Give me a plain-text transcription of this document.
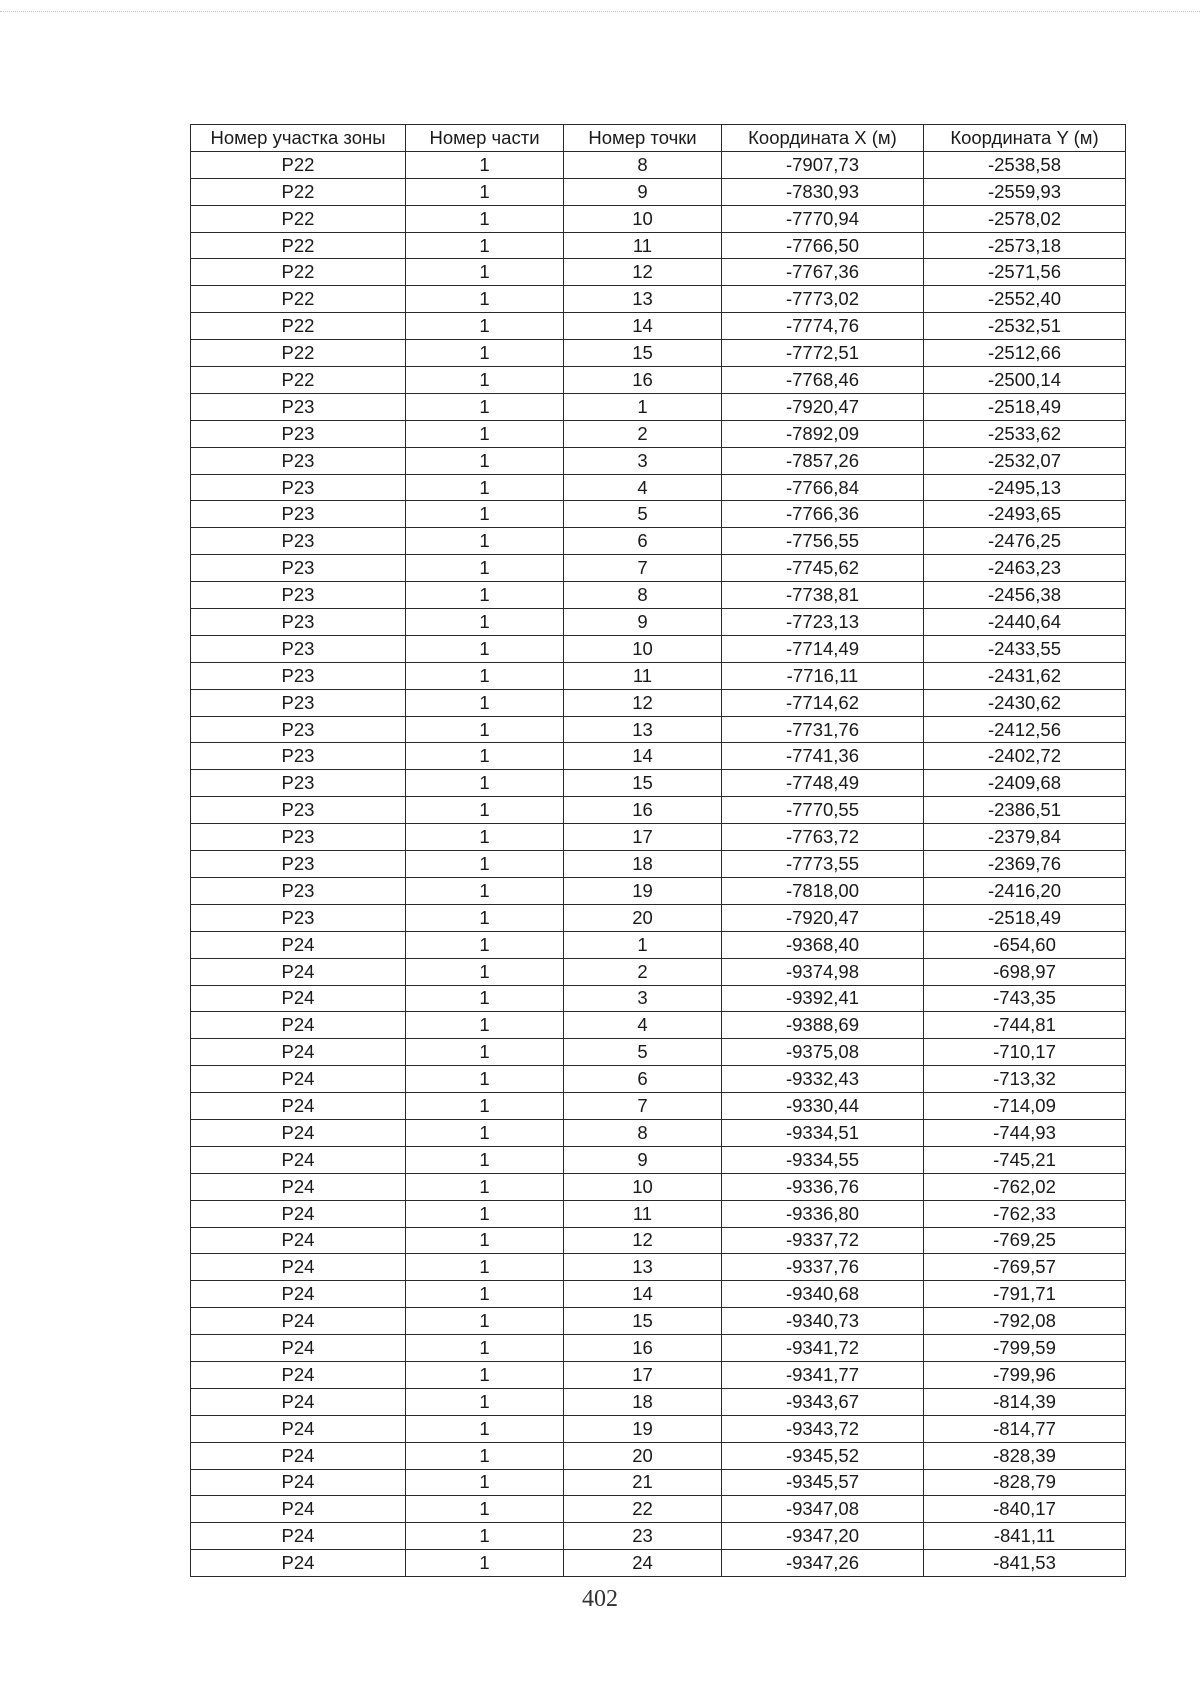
Номер участка зоны	Номер части	Номер точки	Координата X (м)	Координата Y (м)
Р22	1	8	-7907,73	-2538,58
Р22	1	9	-7830,93	-2559,93
Р22	1	10	-7770,94	-2578,02
Р22	1	11	-7766,50	-2573,18
Р22	1	12	-7767,36	-2571,56
Р22	1	13	-7773,02	-2552,40
Р22	1	14	-7774,76	-2532,51
Р22	1	15	-7772,51	-2512,66
Р22	1	16	-7768,46	-2500,14
Р23	1	1	-7920,47	-2518,49
Р23	1	2	-7892,09	-2533,62
Р23	1	3	-7857,26	-2532,07
Р23	1	4	-7766,84	-2495,13
Р23	1	5	-7766,36	-2493,65
Р23	1	6	-7756,55	-2476,25
Р23	1	7	-7745,62	-2463,23
Р23	1	8	-7738,81	-2456,38
Р23	1	9	-7723,13	-2440,64
Р23	1	10	-7714,49	-2433,55
Р23	1	11	-7716,11	-2431,62
Р23	1	12	-7714,62	-2430,62
Р23	1	13	-7731,76	-2412,56
Р23	1	14	-7741,36	-2402,72
Р23	1	15	-7748,49	-2409,68
Р23	1	16	-7770,55	-2386,51
Р23	1	17	-7763,72	-2379,84
Р23	1	18	-7773,55	-2369,76
Р23	1	19	-7818,00	-2416,20
Р23	1	20	-7920,47	-2518,49
Р24	1	1	-9368,40	-654,60
Р24	1	2	-9374,98	-698,97
Р24	1	3	-9392,41	-743,35
Р24	1	4	-9388,69	-744,81
Р24	1	5	-9375,08	-710,17
Р24	1	6	-9332,43	-713,32
Р24	1	7	-9330,44	-714,09
Р24	1	8	-9334,51	-744,93
Р24	1	9	-9334,55	-745,21
Р24	1	10	-9336,76	-762,02
Р24	1	11	-9336,80	-762,33
Р24	1	12	-9337,72	-769,25
Р24	1	13	-9337,76	-769,57
Р24	1	14	-9340,68	-791,71
Р24	1	15	-9340,73	-792,08
Р24	1	16	-9341,72	-799,59
Р24	1	17	-9341,77	-799,96
Р24	1	18	-9343,67	-814,39
Р24	1	19	-9343,72	-814,77
Р24	1	20	-9345,52	-828,39
Р24	1	21	-9345,57	-828,79
Р24	1	22	-9347,08	-840,17
Р24	1	23	-9347,20	-841,11
Р24	1	24	-9347,26	-841,53
402
